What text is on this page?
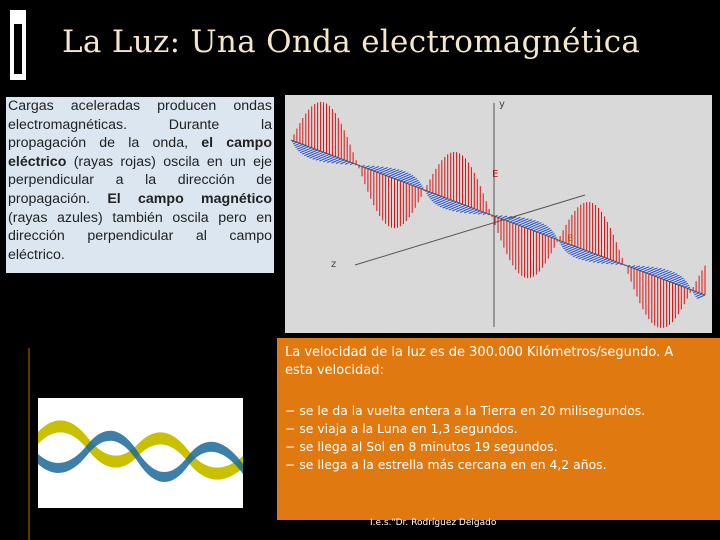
La Luz: Una Onda electromagnética

Cargas aceleradas producen ondas electromagnéticas. Durante la propagación de la onda, el campo eléctrico (rayas rojas) oscila en un eje perpendicular a la dirección de propagación. El campo magnético (rayas azules) también oscila pero en dirección perpendicular al campo eléctrico.

y
z
E
B
La velocidad de la luz es de 300.000 Kilómetros/segundo. A esta velocidad:
− se le da la vuelta entera a la Tierra en 20 milisegundos.
− se viaja a la Luna en 1,3 segundos.
− se llega al Sol en 8 minutos 19 segundos.
− se llega a la estrella más cercana en en 4,2 años.
I.e.s."Dr. Rodríguez Delgado
